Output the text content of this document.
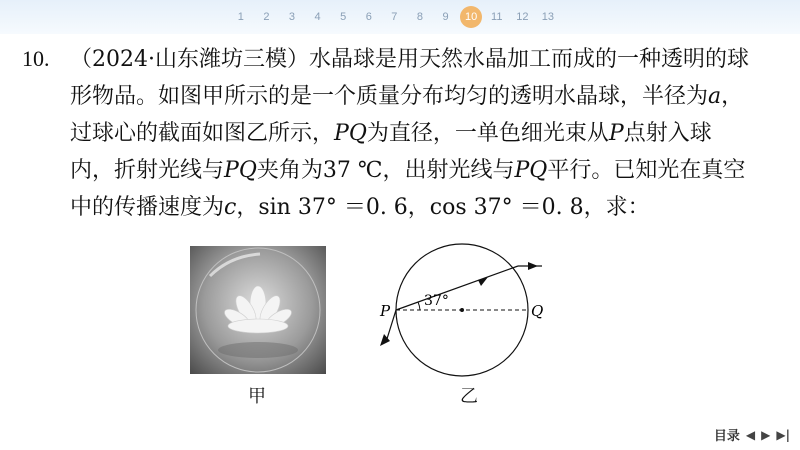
1	2	3	4	5	6	7	8	9	10	11	12	13
10. （2024·山东潍坊三模）水晶球是用天然水晶加工而成的一种透明的球
形物品。如图甲所示的是一个质量分布均匀的透明水晶球，半径为a，
过球心的截面如图乙所示，PQ为直径，一单色细光束从P点射入球
内，折射光线与PQ夹角为37 ℃，出射光线与PQ平行。已知光在真空
中的传播速度为c，sin 37° ＝0. 6，cos 37° ＝0. 8，求：
甲
37°
P	Q
乙
目录 ◀ ▶ ▶|
